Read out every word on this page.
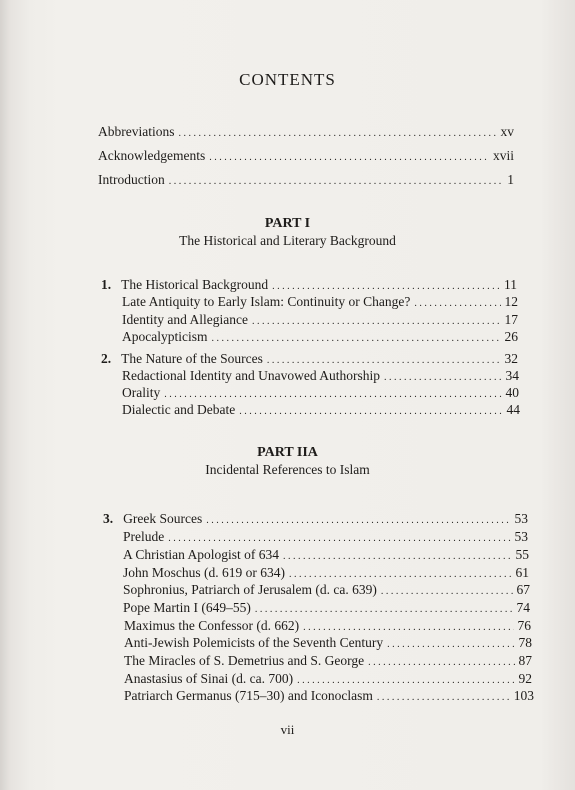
CONTENTS
Abbreviations . . .	xv
Acknowledgements . . .	xvii
Introduction . . .	1
PART I
The Historical and Literary Background
1. The Historical Background . . .	11
Late Antiquity to Early Islam: Continuity or Change? . . .	12
Identity and Allegiance . . .	17
Apocalypticism . . .	26
2. The Nature of the Sources . . .	32
Redactional Identity and Unavowed Authorship . . .	34
Orality . . .	40
Dialectic and Debate . . .	44
PART IIA
Incidental References to Islam
3. Greek Sources . . .	53
Prelude . . .	53
A Christian Apologist of 634 . . .	55
John Moschus (d. 619 or 634) . . .	61
Sophronius, Patriarch of Jerusalem (d. ca. 639) . . .	67
Pope Martin I (649–55) . . .	74
Maximus the Confessor (d. 662) . . .	76
Anti-Jewish Polemicists of the Seventh Century . . .	78
The Miracles of S. Demetrius and S. George . . .	87
Anastasius of Sinai (d. ca. 700) . . .	92
Patriarch Germanus (715–30) and Iconoclasm . . .	103
vii
